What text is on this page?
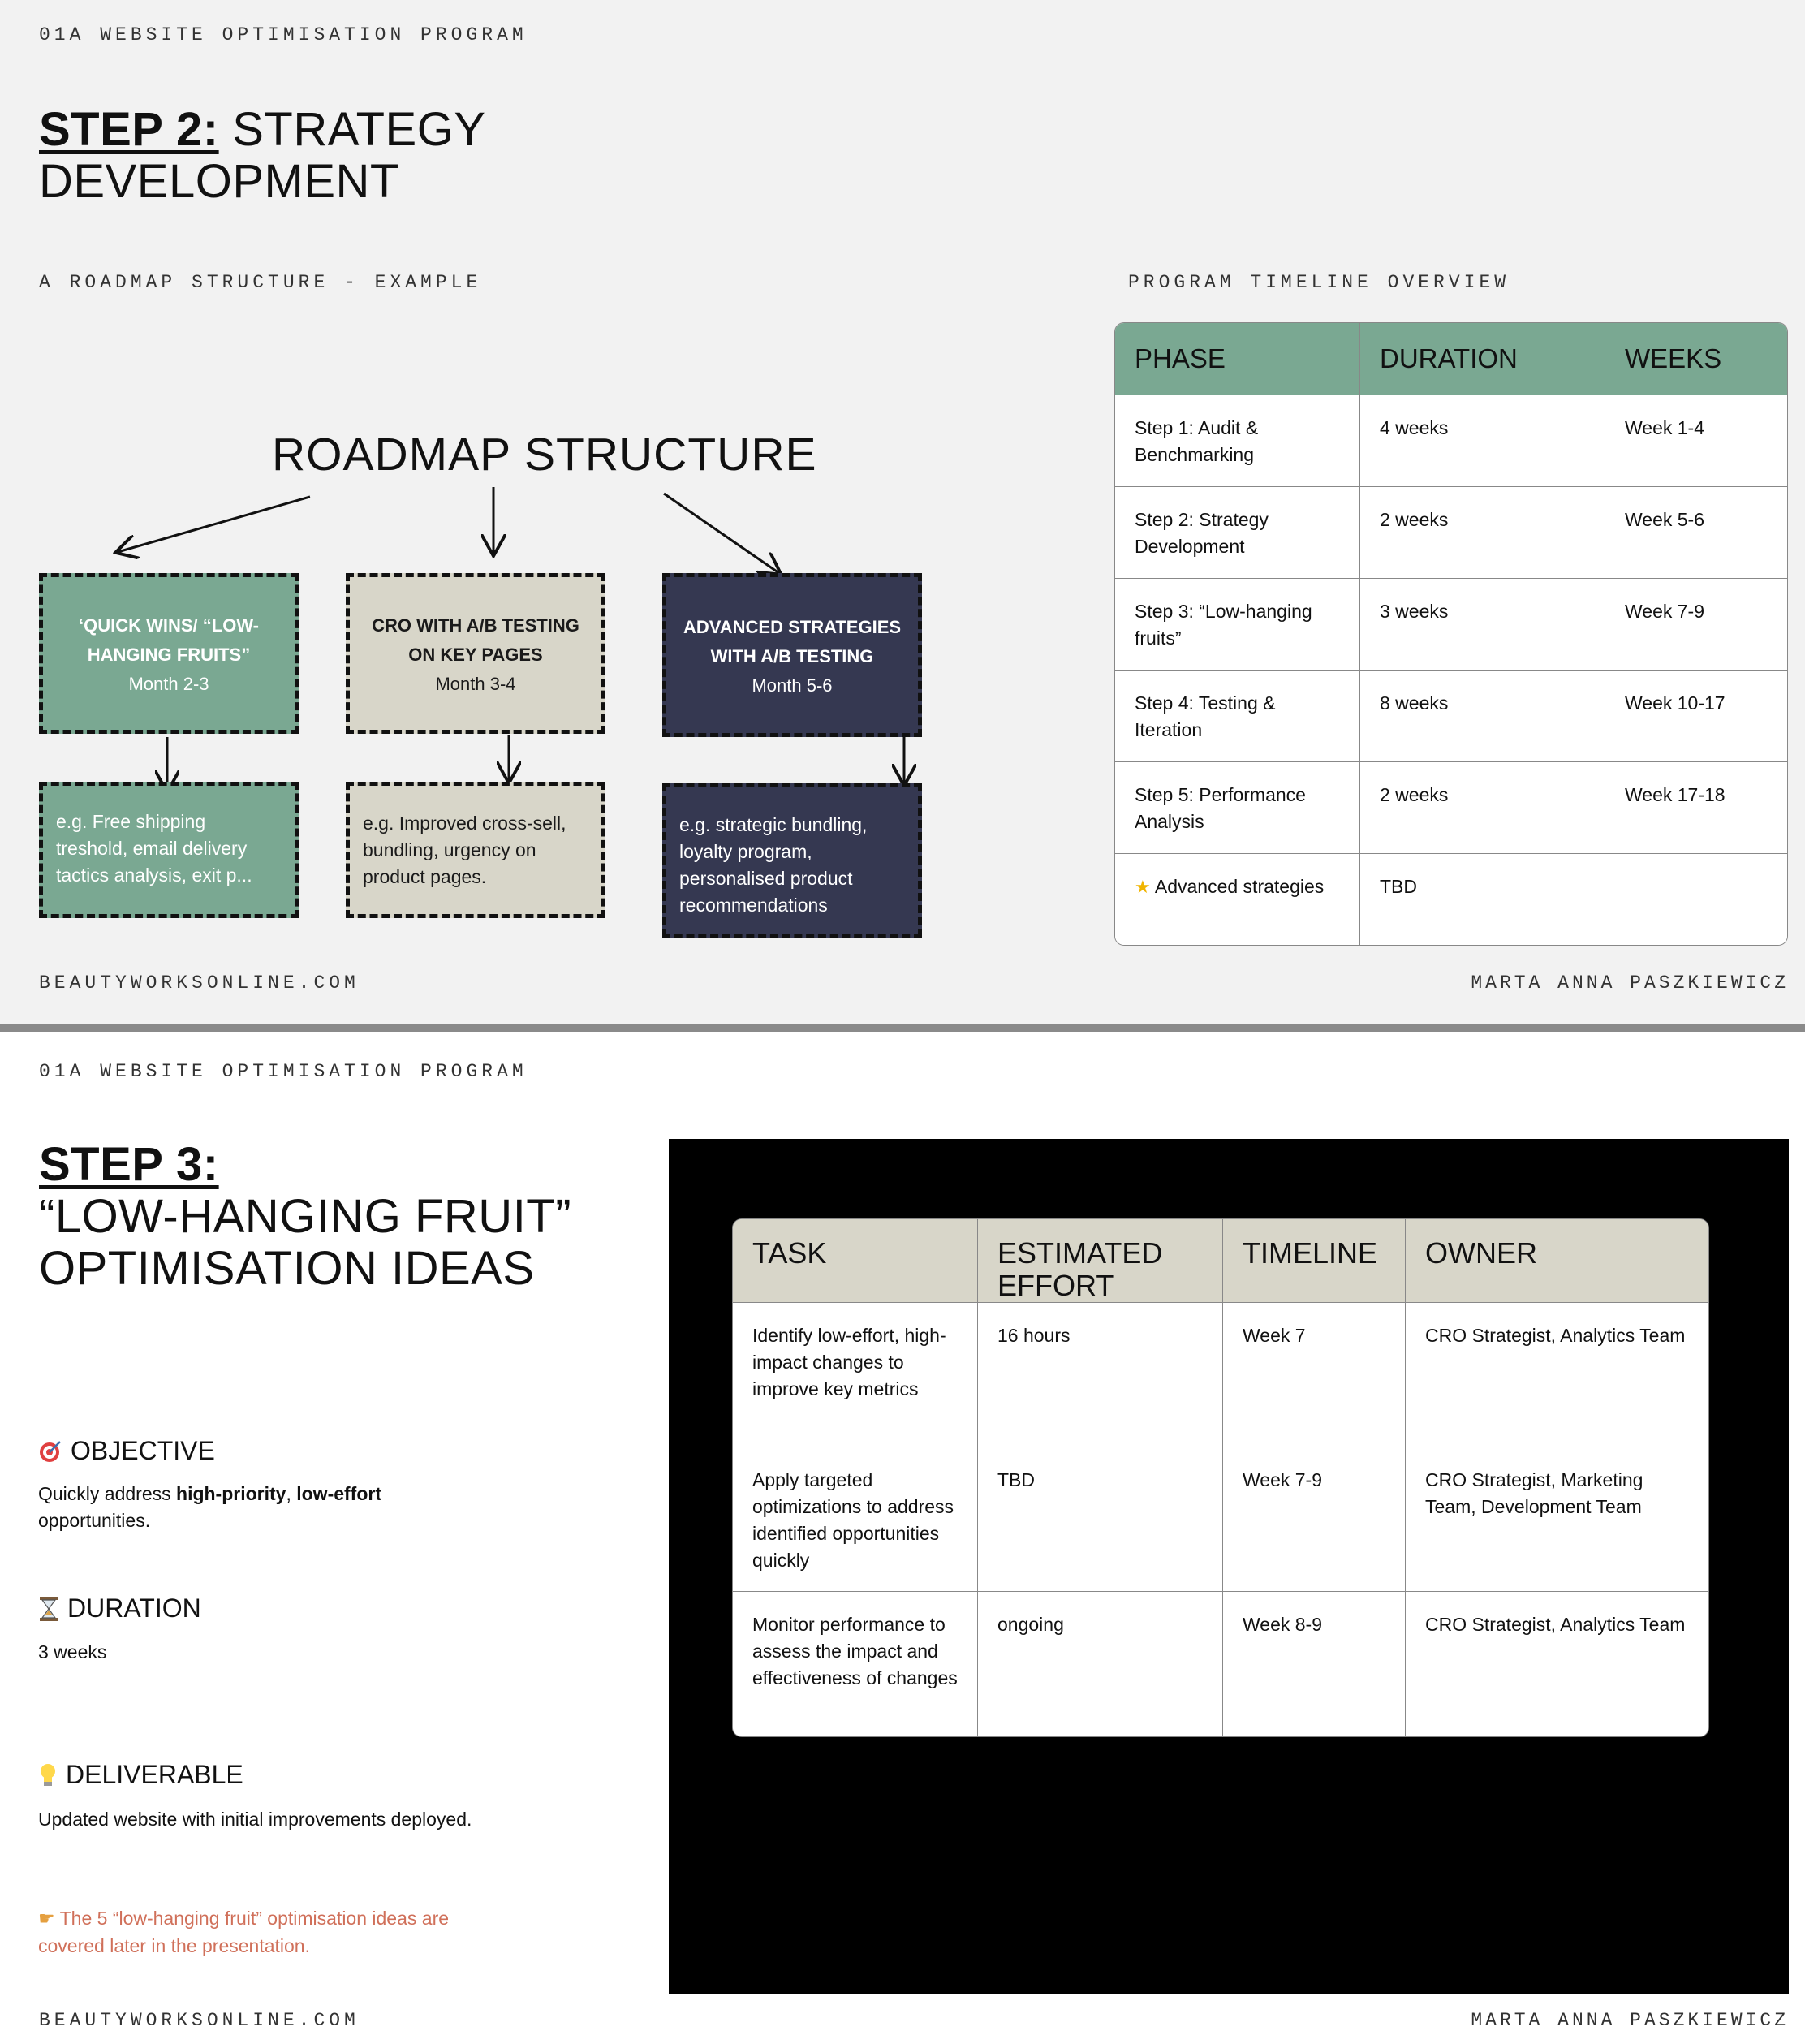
01A WEBSITE OPTIMISATION PROGRAM
STEP 2: STRATEGY
DEVELOPMENT
A ROADMAP STRUCTURE - EXAMPLE	PROGRAM TIMELINE OVERVIEW
ROADMAP STRUCTURE
‘QUICK WINS/ “LOW-
HANGING FRUITS”
Month 2-3
CRO WITH A/B TESTING
ON KEY PAGES
Month 3-4
ADVANCED STRATEGIES
WITH A/B TESTING
Month 5-6
e.g. Free shipping treshold, email delivery tactics analysis, exit p...
e.g. Improved cross-sell, bundling, urgency on product pages.
e.g. strategic bundling, loyalty program, personalised product recommendations
PHASE	DURATION	WEEKS
Step 1: Audit & Benchmarking	4 weeks	Week 1-4
Step 2: Strategy Development	2 weeks	Week 5-6
Step 3: “Low-hanging fruits”	3 weeks	Week 7-9
Step 4: Testing & Iteration	8 weeks	Week 10-17
Step 5: Performance Analysis	2 weeks	Week 17-18
★ Advanced strategies	TBD	
BEAUTYWORKSONLINE.COM	MARTA ANNA PASZKIEWICZ
01A WEBSITE OPTIMISATION PROGRAM
STEP 3:
“LOW-HANGING FRUIT”
OPTIMISATION IDEAS
OBJECTIVE
Quickly address high-priority, low-effort opportunities.
DURATION
3 weeks
DELIVERABLE
Updated website with initial improvements deployed.
☛ The 5 “low-hanging fruit” optimisation ideas are covered later in the presentation.
BEAUTYWORKSONLINE.COM	MARTA ANNA PASZKIEWICZ
TASK	ESTIMATED EFFORT	TIMELINE	OWNER
Identify low-effort, high-impact changes to improve key metrics	16 hours	Week 7	CRO Strategist, Analytics Team
Apply targeted optimizations to address identified opportunities quickly	TBD	Week 7-9	CRO Strategist, Marketing Team, Development Team
Monitor performance to assess the impact and effectiveness of changes	ongoing	Week 8-9	CRO Strategist, Analytics Team
